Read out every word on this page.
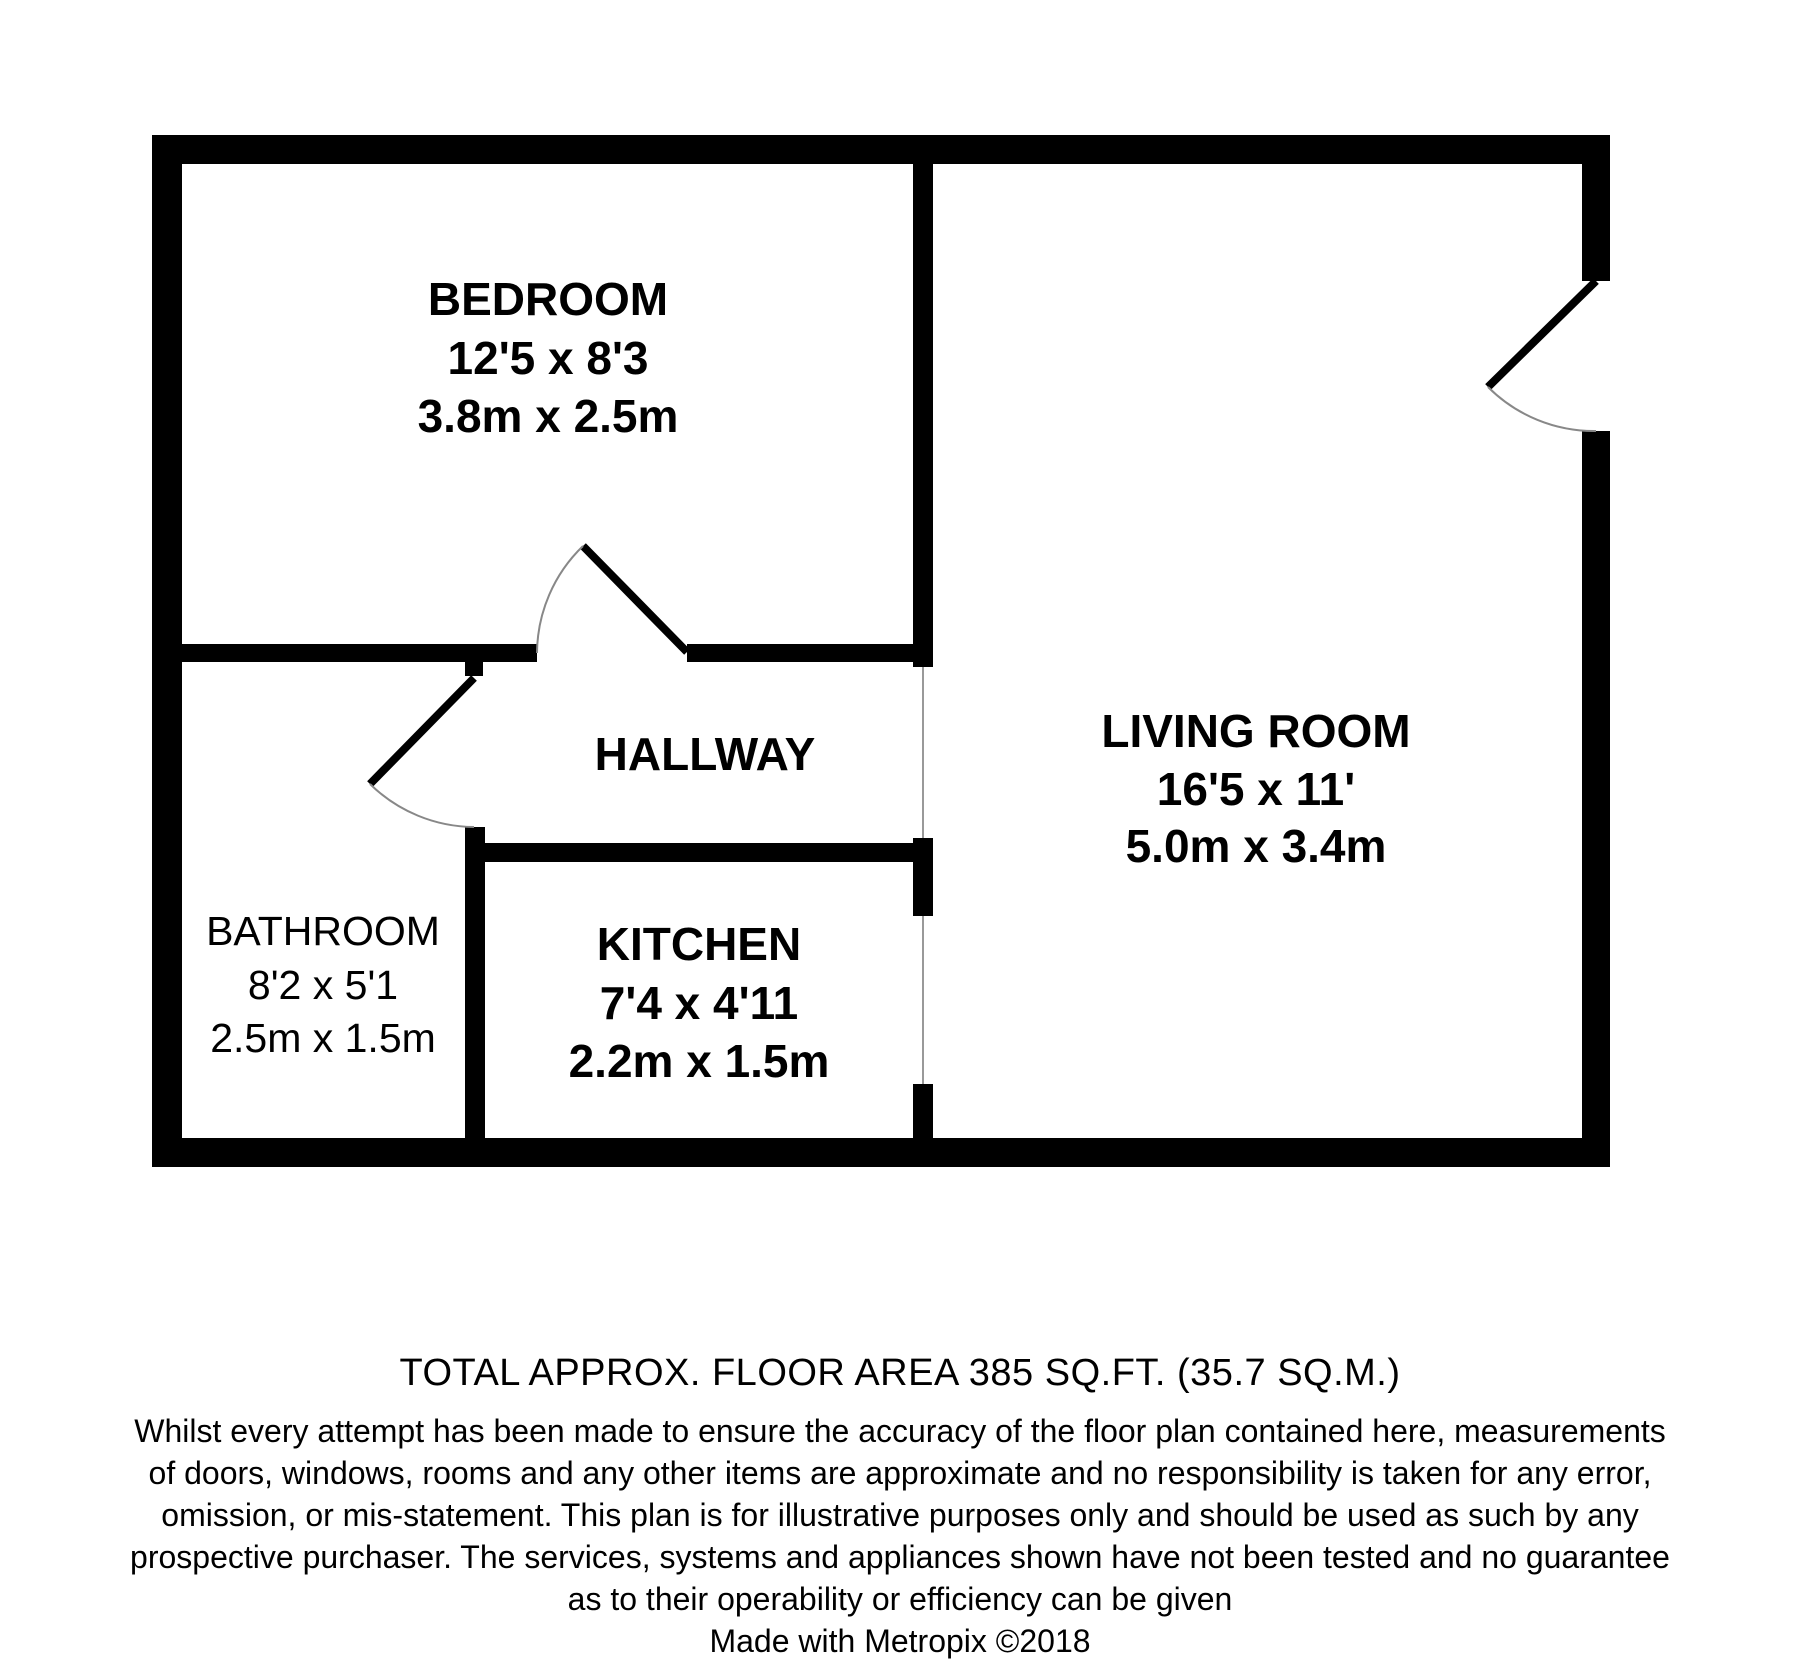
BEDROOM
12'5 x 8'3
3.8m x 2.5m
LIVING ROOM
16'5 x 11'
5.0m x 3.4m
HALLWAY
BATHROOM
8'2 x 5'1
2.5m x 1.5m
KITCHEN
7'4 x 4'11
2.2m x 1.5m
TOTAL APPROX. FLOOR AREA 385 SQ.FT. (35.7 SQ.M.)
Whilst every attempt has been made to ensure the accuracy of the floor plan contained here, measurements
of doors, windows, rooms and any other items are approximate and no responsibility is taken for any error,
omission, or mis-statement. This plan is for illustrative purposes only and should be used as such by any
prospective purchaser. The services, systems and appliances shown have not been tested and no guarantee
as to their operability or efficiency can be given
Made with Metropix ©2018
